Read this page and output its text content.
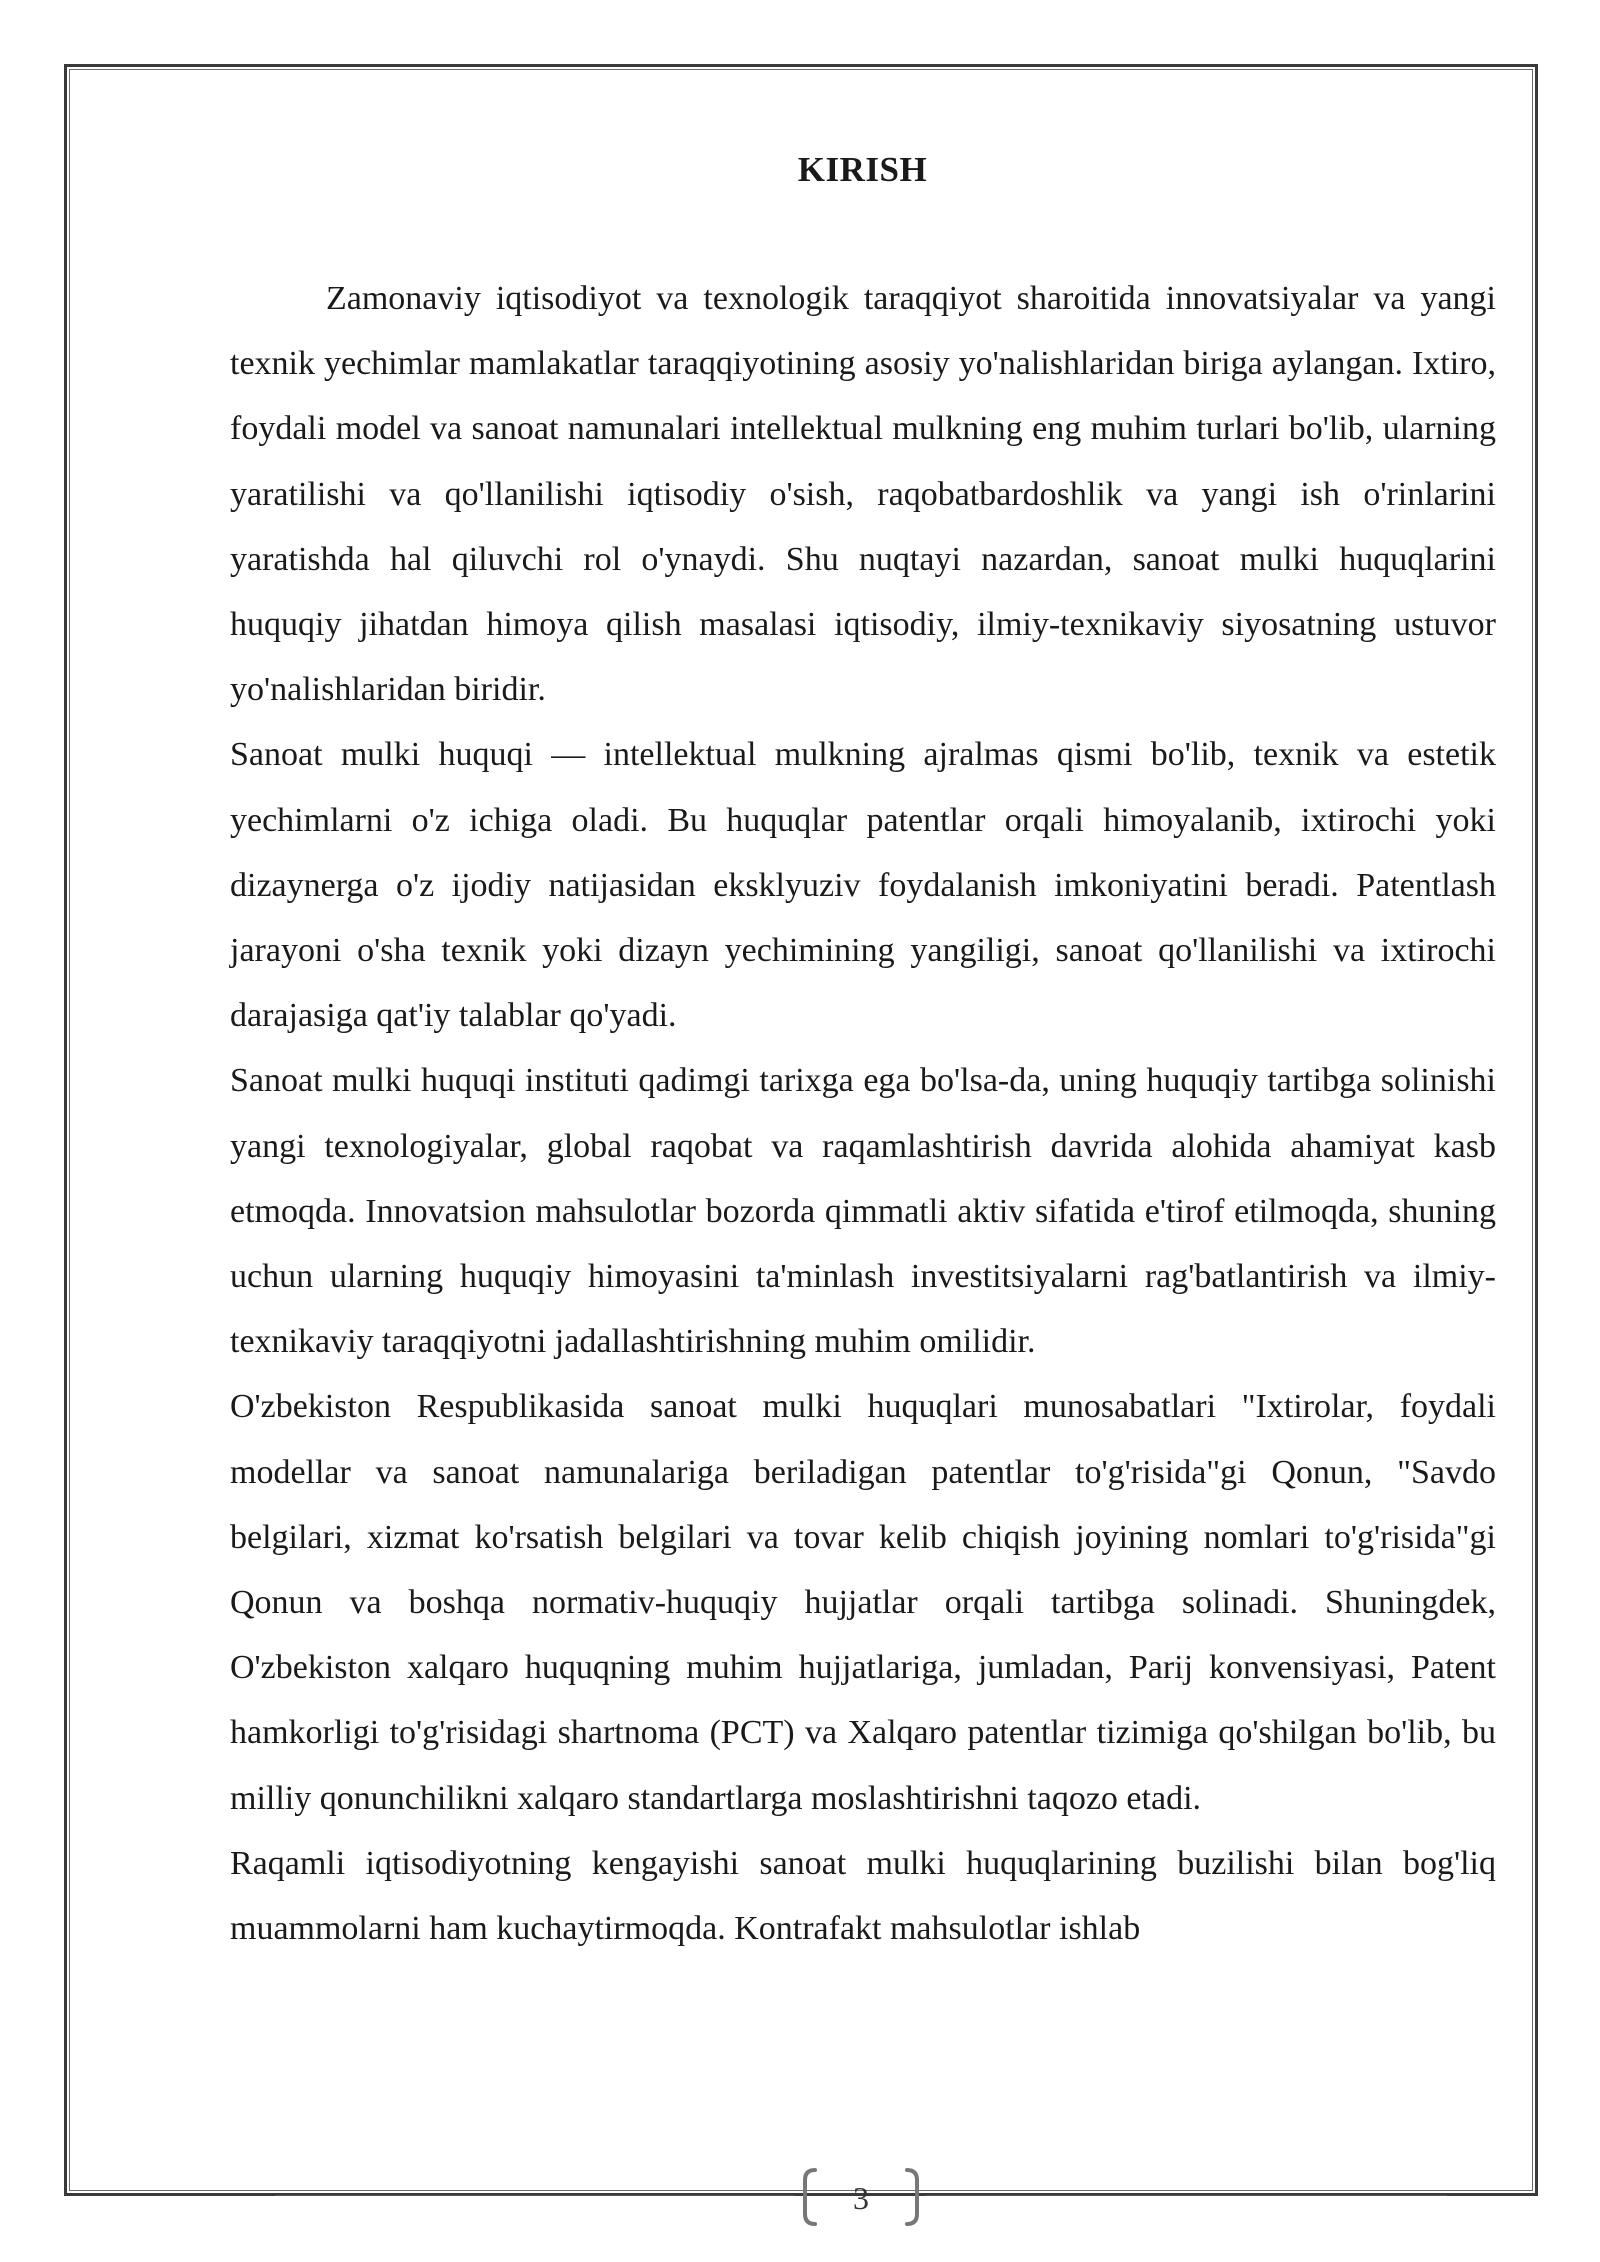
KIRISH

Zamonaviy iqtisodiyot va texnologik taraqqiyot sharoitida innovatsiyalar va yangi texnik yechimlar mamlakatlar taraqqiyotining asosiy yo'nalishlaridan biriga aylangan. Ixtiro, foydali model va sanoat namunalari intellektual mulkning eng muhim turlari bo'lib, ularning yaratilishi va qo'llanilishi iqtisodiy o'sish, raqobatbardoshlik va yangi ish o'rinlarini yaratishda hal qiluvchi rol o'ynaydi. Shu nuqtayi nazardan, sanoat mulki huquqlarini huquqiy jihatdan himoya qilish masalasi iqtisodiy, ilmiy-texnikaviy siyosatning ustuvor yo'nalishlaridan biridir.

Sanoat mulki huquqi — intellektual mulkning ajralmas qismi bo'lib, texnik va estetik yechimlarni o'z ichiga oladi. Bu huquqlar patentlar orqali himoyalanib, ixtirochi yoki dizaynerga o'z ijodiy natijasidan eksklyuziv foydalanish imkoniyatini beradi. Patentlash jarayoni o'sha texnik yoki dizayn yechimining yangiligi, sanoat qo'llanilishi va ixtirochi darajasiga qat'iy talablar qo'yadi.

Sanoat mulki huquqi instituti qadimgi tarixga ega bo'lsa-da, uning huquqiy tartibga solinishi yangi texnologiyalar, global raqobat va raqamlashtirish davrida alohida ahamiyat kasb etmoqda. Innovatsion mahsulotlar bozorda qimmatli aktiv sifatida e'tirof etilmoqda, shuning uchun ularning huquqiy himoyasini ta'minlash investitsiyalarni rag'batlantirish va ilmiy-texnikaviy taraqqiyotni jadallashtirishning muhim omilidir.

O'zbekiston Respublikasida sanoat mulki huquqlari munosabatlari "Ixtirolar, foydali modellar va sanoat namunalariga beriladigan patentlar to'g'risida"gi Qonun, "Savdo belgilari, xizmat ko'rsatish belgilari va tovar kelib chiqish joyining nomlari to'g'risida"gi Qonun va boshqa normativ-huquqiy hujjatlar orqali tartibga solinadi. Shuningdek, O'zbekiston xalqaro huquqning muhim hujjatlariga, jumladan, Parij konvensiyasi, Patent hamkorligi to'g'risidagi shartnoma (PCT) va Xalqaro patentlar tizimiga qo'shilgan bo'lib, bu milliy qonunchilikni xalqaro standartlarga moslashtirishni taqozo etadi.

Raqamli iqtisodiyotning kengayishi sanoat mulki huquqlarining buzilishi bilan bog'liq muammolarni ham kuchaytirmoqda. Kontrafakt mahsulotlar ishlab

3
